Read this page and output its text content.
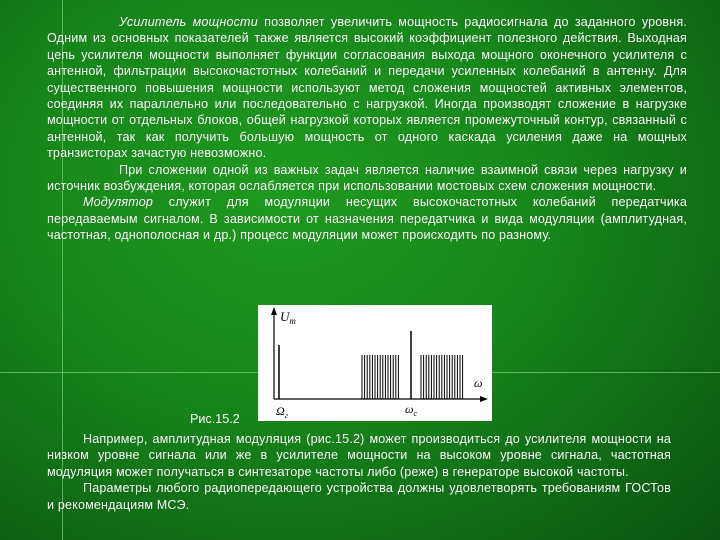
Усилитель мощности позволяет увеличить мощность радиосигнала до заданного уровня. Одним из основных показателей также является высокий коэффициент полезного действия. Выходная цепь усилителя мощности выполняет функции согласования выхода мощного оконечного усилителя с антенной, фильтрации высокочастотных колебаний и передачи усиленных колебаний в антенну. Для существенного повышения мощности используют метод сложения мощностей активных элементов, соединяя их параллельно или последовательно с нагрузкой. Иногда производят сложение в нагрузке мощности от отдельных блоков, общей нагрузкой которых является промежуточный контур, связанный с антенной, так как получить большую мощность от одного каскада усиления даже на мощных транзисторах зачастую невозможно.

При сложении одной из важных задач является наличие взаимной связи через нагрузку и источник возбуждения, которая ослабляется при использовании мостовых схем сложения мощности.

Модулятор служит для модуляции несущих высокочастотных колебаний передатчика передаваемым сигналом. В зависимости от назначения передатчика и вида модуляции (амплитудная, частотная, однополосная и др.) процесс модуляции может происходить по разному.

$U_m$
ω
$\Omega_г$	$\omega_с$
Рис.15.2

Например, амплитудная модуляция (рис.15.2) может производиться до усилителя мощности на низком уровне сигнала или же в усилителе мощности на высоком уровне сигнала, частотная модуляция может получаться в синтезаторе частоты либо (реже) в генераторе высокой частоты.

Параметры любого радиопередающего устройства должны удовлетворять требованиям ГОСТов и рекомендациям МСЭ.
